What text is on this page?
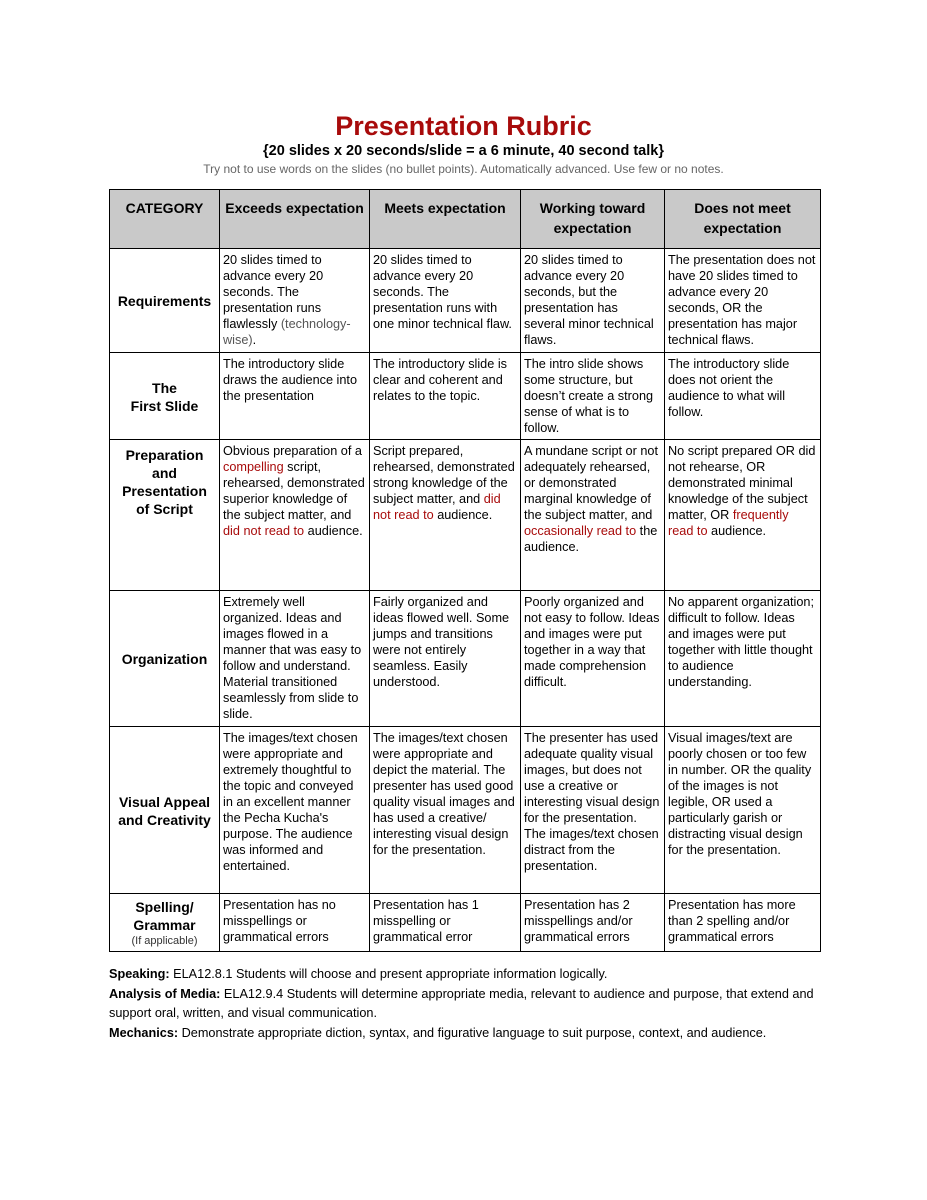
Presentation Rubric
{20 slides x 20 seconds/slide = a 6 minute, 40 second talk}
Try not to use words on the slides (no bullet points). Automatically advanced. Use few or no notes.
CATEGORY	Exceeds expectation	Meets expectation	Working toward expectation	Does not meet expectation
Requirements	20 slides timed to advance every 20 seconds. The presentation runs flawlessly (technology-wise).	20 slides timed to advance every 20 seconds. The presentation runs with one minor technical flaw.	20 slides timed to advance every 20 seconds, but the presentation has several minor technical flaws.	The presentation does not have 20 slides timed to advance every 20 seconds, OR the presentation has major technical flaws.
The
First Slide	The introductory slide draws the audience into the presentation	The introductory slide is clear and coherent and relates to the topic.	The intro slide shows some structure, but doesn’t create a strong sense of what is to follow.	The introductory slide does not orient the audience to what will follow.
Preparation
and
Presentation
of Script	Obvious preparation of a compelling script, rehearsed, demonstrated superior knowledge of the subject matter, and did not read to audience.	Script prepared, rehearsed, demonstrated strong knowledge of the subject matter, and did not read to audience.	A mundane script or not adequately rehearsed, or demonstrated marginal knowledge of the subject matter, and occasionally read to the audience.	No script prepared OR did not rehearse, OR demonstrated minimal knowledge of the subject matter, OR frequently read to audience.
Organization	Extremely well organized. Ideas and images flowed in a manner that was easy to follow and understand. Material transitioned seamlessly from slide to slide.	Fairly organized and ideas flowed well. Some jumps and transitions were not entirely seamless. Easily understood.	Poorly organized and not easy to follow. Ideas and images were put together in a way that made comprehension difficult.	No apparent organization; difficult to follow. Ideas and images were put together with little thought to audience understanding.
Visual Appeal
and Creativity	The images/text chosen were appropriate and extremely thoughtful to the topic and conveyed in an excellent manner the Pecha Kucha's purpose. The audience was informed and entertained.	The images/text chosen were appropriate and depict the material. The presenter has used good quality visual images and has used a creative/ interesting visual design for the presentation.	The presenter has used adequate quality visual images, but does not use a creative or interesting visual design for the presentation. The images/text chosen distract from the presentation.	Visual images/text are poorly chosen or too few in number. OR the quality of the images is not legible, OR used a particularly garish or distracting visual design for the presentation.
Spelling/
Grammar
(If applicable)	Presentation has no misspellings or grammatical errors	Presentation has 1 misspelling or grammatical error	Presentation has 2 misspellings and/or grammatical errors	Presentation has more than 2 spelling and/or grammatical errors

Speaking: ELA12.8.1 Students will choose and present appropriate information logically.

Analysis of Media: ELA12.9.4 Students will determine appropriate media, relevant to audience and purpose, that extend and support oral, written, and visual communication.

Mechanics: Demonstrate appropriate diction, syntax, and figurative language to suit purpose, context, and audience.
